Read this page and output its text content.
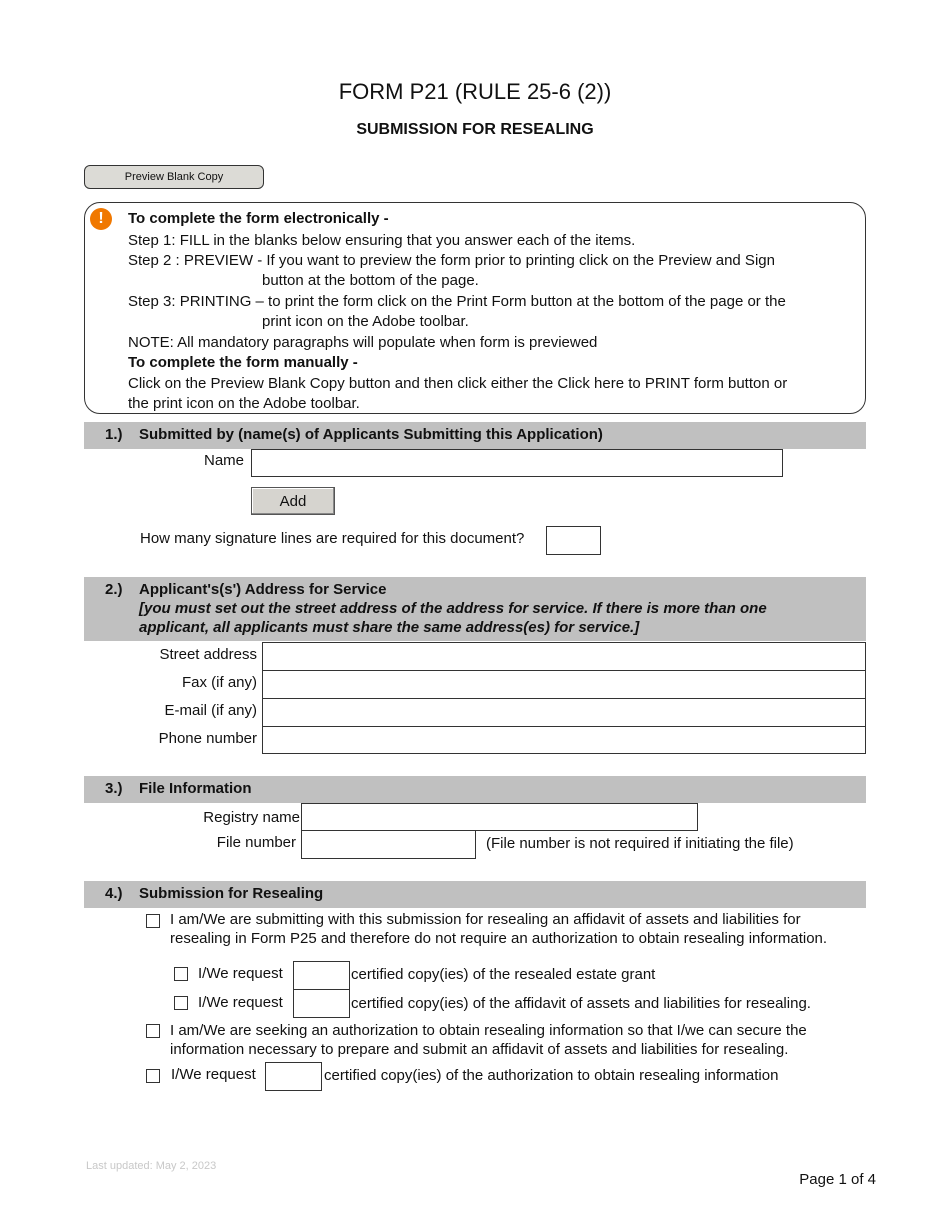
FORM P21 (RULE 25-6 (2))
SUBMISSION FOR RESEALING
Preview Blank Copy
!	To complete the form electronically -
Step 1: FILL in the blanks below ensuring that you answer each of the items.
Step 2 : PREVIEW - If you want to preview the form prior to printing click on the Preview and Sign
button at the bottom of the page.
Step 3: PRINTING – to print the form click on the Print Form button at the bottom of the page or the
print icon on the Adobe toolbar.
NOTE: All mandatory paragraphs will populate when form is previewed
To complete the form manually -
Click on the Preview Blank Copy button and then click either the Click here to PRINT form button or
the print icon on the Adobe toolbar.
1.) Submitted by (name(s) of Applicants Submitting this Application)
Name
Add
How many signature lines are required for this document?
2.) Applicant's(s') Address for Service
[you must set out the street address of the address for service. If there is more than one
applicant, all applicants must share the same address(es) for service.]
Street address
Fax (if any)
E-mail (if any)
Phone number
3.) File Information
Registry name
File number	(File number is not required if initiating the file)
4.) Submission for Resealing
I am/We are submitting with this submission for resealing an affidavit of assets and liabilities for
resealing in Form P25 and therefore do not require an authorization to obtain resealing information.
I/We request	certified copy(ies) of the resealed estate grant
I/We request	certified copy(ies) of the affidavit of assets and liabilities for resealing.
I am/We are seeking an authorization to obtain resealing information so that I/we can secure the
information necessary to prepare and submit an affidavit of assets and liabilities for resealing.
I/We request	certified copy(ies) of the authorization to obtain resealing information
Last updated: May 2, 2023
Page 1 of 4
